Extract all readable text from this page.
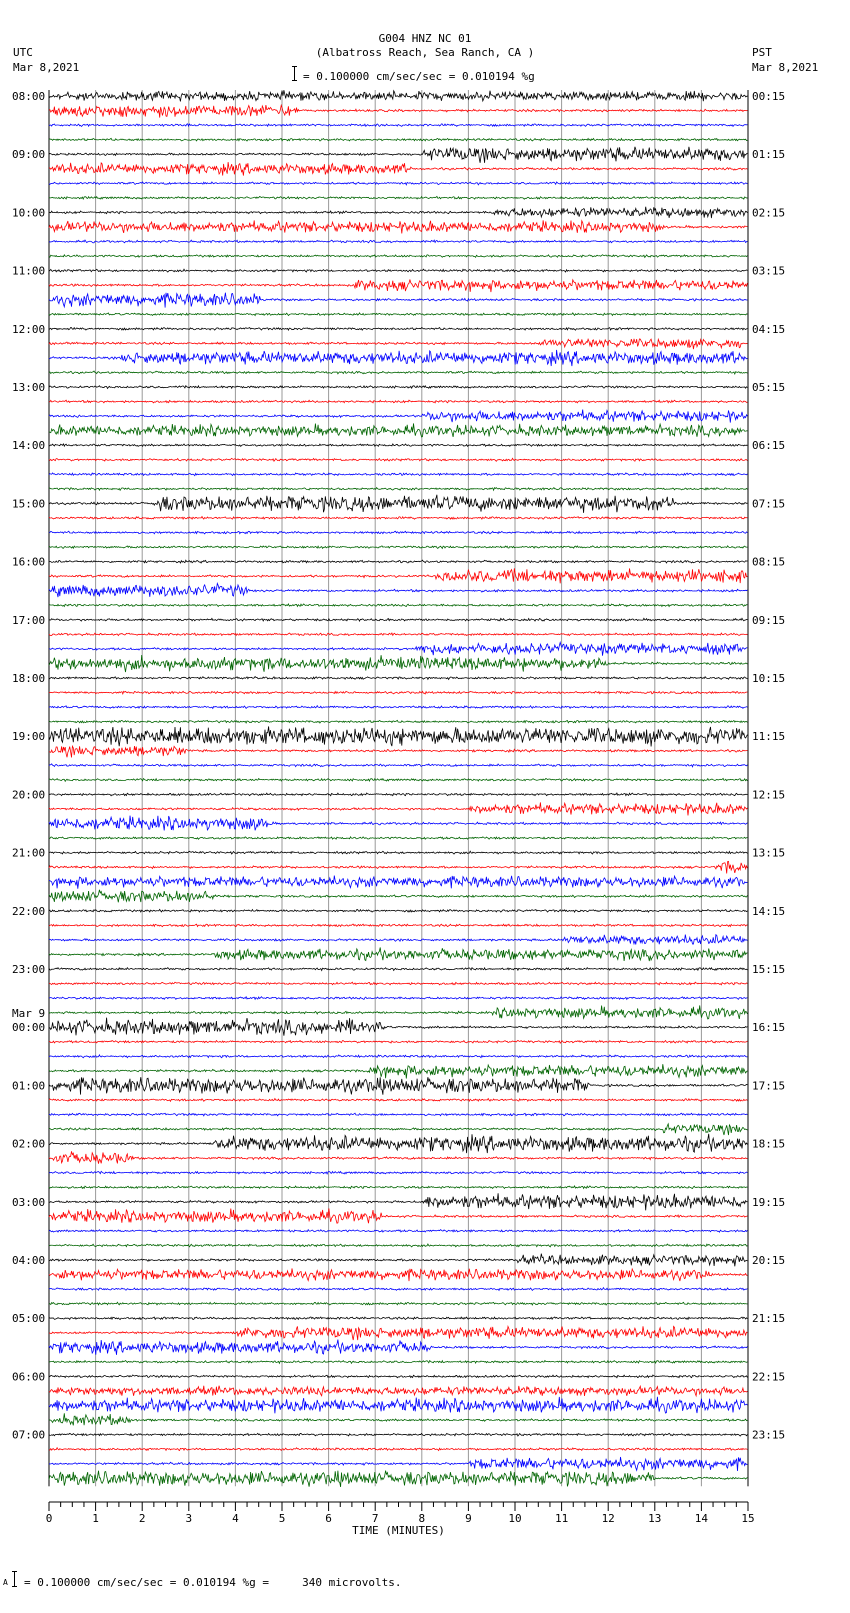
08:00	00:15
09:00	01:15
10:00	02:15
11:00	03:15
12:00	04:15
13:00	05:15
14:00	06:15
15:00	07:15
16:00	08:15
17:00	09:15
18:00	10:15
19:00	11:15
20:00	12:15
21:00	13:15
22:00	14:15
23:00	15:15
00:00	16:15
01:00	17:15
02:00	18:15
03:00	19:15
04:00	20:15
05:00	21:15
06:00	22:15
07:00	23:15
Mar 9
0	1	2	3	4	5	6	7	8	9	10	11	12	13	14	15
TIME (MINUTES)
G004 HNZ NC 01
(Albatross Reach, Sea Ranch, CA )
= 0.100000 cm/sec/sec = 0.010194 %g
UTC
Mar 8,2021
PST
Mar 8,2021
A = 0.100000 cm/sec/sec = 0.010194 %g =     340 microvolts.
